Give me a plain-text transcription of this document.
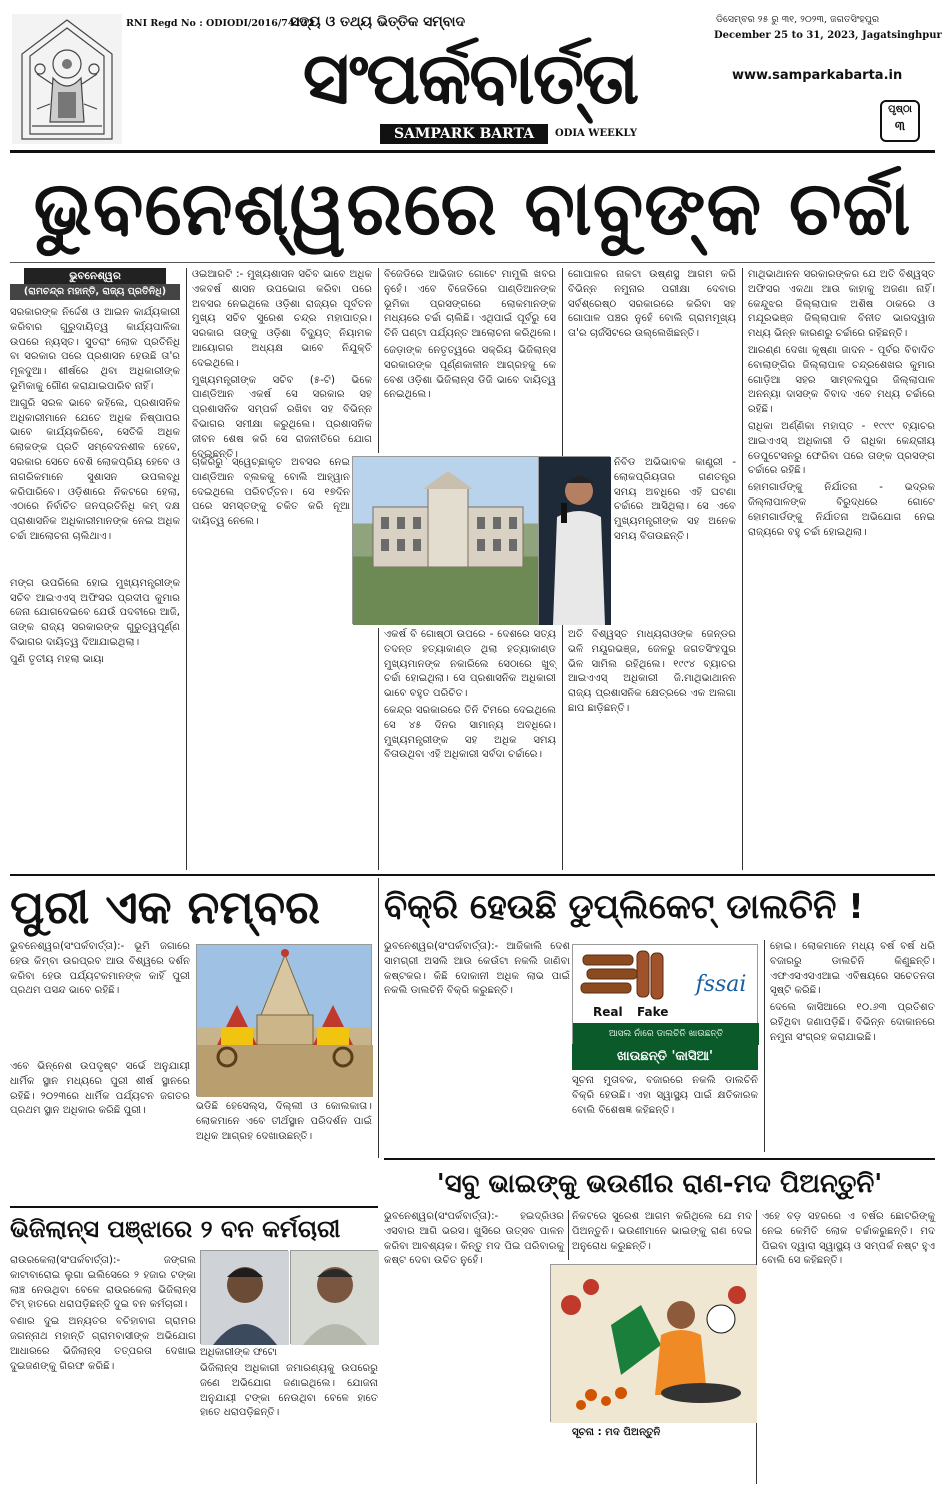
RNI Regd No : ODIODI/2016/74122
ସତ୍ୟ ଓ ତଥ୍ୟ ଭିତ୍ତିକ ସମ୍ବାଦ
ସଂପର୍କବାର୍ତ୍ତା
SAMPARK BARTA	ODIA WEEKLY
ଡିସେମ୍ବର ୨୫ ରୁ ୩୧, ୨୦୨୩, ଜଗତସିଂହପୁର
December 25 to 31, 2023, Jagatsinghpur
www.samparkabarta.in
ପୃଷ୍ଠା
୩
ଭୁବନେଶ୍ୱରରେ ବାବୁଙ୍କ ଚର୍ଚ୍ଚା
ଭୁବନେଶ୍ୱର
(ରାମଚନ୍ଦ୍ର ମହାନ୍ତି, ରାଜ୍ୟ ପ୍ରତିନିଧି)

ସରକାରଙ୍କ ନିର୍ଦ୍ଦେଶ ଓ ଆଇନ କାର୍ଯ୍ୟକାରୀ କରିବାର ଗୁରୁଦାୟିତ୍ୱ କାର୍ଯ୍ୟପାଳିକା ଉପରେ ନ୍ୟସ୍ତ। ସୁତରାଂ ଲୋକ ପ୍ରତିନିଧି ବା ସରକାର ପରେ ପ୍ରଶାସନ ହେଉଛି ତା'ର ମୂଳଦୁଆ। ଶୀର୍ଷରେ ଥିବା ଅଧିକାରୀଙ୍କ ଭୂମିକାକୁ ଗୌଣ କରାଯାଇପାରିବ ନାହିଁ।

ଆଗୁରି ସରଳ ଭାବେ କହିଲେ, ପ୍ରଶାସନିକ ଅଧିକାରୀମାନେ ଯେତେ ଅଧିକ ନିଷ୍ପାପର ଭାବେ କାର୍ଯ୍ୟକରିବେ, ସେତିକି ଅଧିକ ଲୋକଙ୍କ ପ୍ରତି ସମ୍ବେଦନଶୀଳ ହେବେ, ସରକାର ସେତେ ବେଶି ଲୋକପ୍ରିୟ ହେବେ ଓ ନାଗରିକମାନେ ସୁଶାସନ ଉପଲବ୍ଧି କରିପାରିବେ। ଓଡ଼ିଶାରେ ନିକଟରେ ହେଲା, ଏଠାରେ ନିର୍ବାଚିତ ଜନପ୍ରତିନିଧି କମ୍ ଦକ୍ଷ ପ୍ରାଶାସନିକ ଅଧିକାରୀମାନଙ୍କ ନେଇ ଅଧିକ ଚର୍ଚ୍ଚା ଆଲୋଚନା ଚାଲିଥାଏ।

ମଙ୍ଗ ଉପରିଲେ ହୋଇ ମୁଖ୍ୟମନ୍ତ୍ରୀଙ୍କ ସଚିବ ଆଇଏଏସ୍ ଅଫିସର ପ୍ରଦୀପ କୁମାର ଜେନା ଯୋଗଦେଇବେ ଯେଉଁ ପଦବୀରେ ଆଜି, ତାଙ୍କ ରାଜ୍ୟ ସରକାରଙ୍କ ଗୁରୁତ୍ୱପୂର୍ଣ୍ଣ ବିଭାଗର ଦାୟିତ୍ୱ ଦିଆଯାଇଥିଲା।

ପୁଣି ତୃତୀୟ ମହଲା ଭାୟା

ଓଇଆରଟି :- ମୁଖ୍ୟଶାସନ ସଚିବ ଭାବେ ଅଧିକ ଏକବର୍ଷ ଶାସନ ଉପଭୋଗ କରିବା ପରେ ଅବସର ନେଇଥିଲେ ଓଡ଼ିଶା ରାଜ୍ୟର ପୂର୍ବତନ ମୁଖ୍ୟ ସଚିବ ସୁରେଶ ଚନ୍ଦ୍ର ମହାପାତ୍ର। ସରକାର ତାଙ୍କୁ ଓଡ଼ିଶା ବିଦ୍ୟୁତ୍ ନିୟାମକ ଆୟୋଗର ଅଧ୍ୟକ୍ଷ ଭାବେ ନିଯୁକ୍ତି ଦେଇଥିଲେ।

ମୁଖ୍ୟମନ୍ତ୍ରୀଙ୍କ ସଚିବ (୫-ଟି) ଭିକେ ପାଣ୍ଡିଆନ ଏକର୍ଷ ସେ ସରକାର ସହ ପ୍ରଶାସନିକ ସମ୍ପର୍କ ରଖିବା ସହ ବିଭିନ୍ନ ବିଭାଗର ସମୀକ୍ଷା କରୁଥିଲେ। ପ୍ରଶାସନିକ ଜୀବନ ଶେଷ କରି ସେ ରାଜନୀତିରେ ଯୋଗ ଦେଇଛନ୍ତି।

ବିଜେଡିରେ ଆଭିଜାତ ଗୋଟେ ମାମୁଲି ଖବର ନୁହେଁ। ଏବେ ବିଜେଡିରେ ପାଣ୍ଡିଆନଙ୍କ ଭୂମିକା ପ୍ରସଙ୍ଗରେ ଲୋକମାନଙ୍କ ମଧ୍ୟରେ ଚର୍ଚ୍ଚା ଚାଲିଛି। ଏଥିପାଇଁ ପୂର୍ବରୁ ସେ ତିନି ଘଣ୍ଟା ପର୍ଯ୍ୟନ୍ତ ଆଲୋଚନା କରିଥିଲେ।

ଜେଡ଼ାଙ୍କ ନେତୃତ୍ୱରେ ସକ୍ରିୟ ଭିଜିଲାନ୍ସ ସରକାରଙ୍କ ପୂର୍ଣ୍ଣକାଳୀନ ଆଗ୍ରହକୁ କେ ବେଶ ଓଡ଼ିଶା ଭିଜିଲାନ୍ସ ଡିଜି ଭାବେ ଦାୟିତ୍ୱ ନେଇଥିଲେ।

ଚାକିରିରୁ ସ୍ୱେଚ୍ଛାକୃତ ଅବସର ନେଇ ପାଣ୍ଡିଆନ ବ୍ଲକକୁ ବୋଲି ଆହ୍ୱାନ ଦେଇଥିଲେ ପରିବର୍ତ୍ତନ। ସେ ୧୭ଦିନ ପରେ ସମସ୍ତଙ୍କୁ ଚକିତ କରି ନୂଆ ଦାୟିତ୍ୱ ନେଲେ।

ଏକର୍ଷ ବି ଗୋଷ୍ଠୀ ଉପରେ - ଦେଶରେ ସତ୍ୟ ତଦନ୍ତ ହତ୍ୟାକାଣ୍ଡ ଥିଲା ହତ୍ୟାକାଣ୍ଡ ମୁଖ୍ୟମାନଙ୍କ ନକାରିଲେ ସେଠାରେ ଖୁବ୍ ଚର୍ଚ୍ଚା ହୋଇଥିଲା। ସେ ପ୍ରଶାସନିକ ଅଧିକାରୀ ଭାବେ ବହୁତ ପରିଚିତ।

କେନ୍ଦ୍ର ସରକାରରେ ତିନି ଟିମରେ ଦେଇଥିଲେ ସେ ୪୫ ଦିନର ସାମାନ୍ୟ ଅବଧିରେ। ମୁଖ୍ୟମନ୍ତ୍ରୀଙ୍କ ସହ ଅଧିକ ସମୟ ବିତାଉଥିବା ଏହି ଅଧିକାରୀ ସର୍ବଦା ଚର୍ଚ୍ଚାରେ।

ଗୋପାଳର ନାକଟା ଉଷ୍ଣସ୍ଥ ଆଗମ କରି ବିଭିନ୍ନ ନମୁନାର ପରୀକ୍ଷା ଦେବାର ସର୍ବଶ୍ରେଷ୍ଠ ସରକାରରେ କରିବା ସହ ଗୋପାଳ ପଞ୍ଚର ନୁହେଁ ବୋଲି ଗ୍ରାମମୂଖ୍ୟ ତା'ର ଚାର୍ଜସିଟରେ ଉଲ୍ଲେଖିଛନ୍ତି।

ନିବିଡ ଅଭିଭାବକ କାଣ୍ଡ୍ରୀ - ଲୋକପ୍ରିୟତାର ଗଣତନ୍ତ୍ର ସମୟ ଅବଧିରେ ଏହି ଘଟଣା ଚର୍ଚ୍ଚାରେ ଆସିଥିଲା। ସେ ଏବେ ମୁଖ୍ୟମନ୍ତ୍ରୀଙ୍କ ସହ ଅନେକ ସମୟ ବିତାଉଛନ୍ତି।

ଅତି ବିଶ୍ୱସ୍ତ ମାଧ୍ୟରାଓଙ୍କ ଜେନ୍ଡର ଭଳି ମୟୂରଭଞ୍ଜ, ଜେଳରୁ ଜଗତସିଂହପୁର ଭିଳ ସାମିଲ ରହିଥିଲେ। ୧୯୯୪ ବ୍ୟାଚର ଆଇଏଏସ୍ ଅଧିକାରୀ ଜି.ମାଥିଭାଥାନନ ରାଜ୍ୟ ପ୍ରଶାସନିକ କ୍ଷେତ୍ରରେ ଏକ ଅଲଗା ଛାପ ଛାଡ଼ିଛନ୍ତି।

ମାଥିଭାଥାନନ ସରକାରଙ୍କର ଯେ ଅତି ବିଶ୍ୱସ୍ତ ଅଫିସର ଏକଥା ଆଉ କାହାକୁ ଅଜଣା ନାହିଁ। କେନ୍ଦୁଝର ଜିଲ୍ଲାପାଳ ଅଶିଷ ଠାକରେ ଓ ମଯୂରଭଞ୍ଜ ଜିଲ୍ଲାପାଳ ବିନୀତ ଭାରଦ୍ୱାଜ ମଧ୍ୟ ଭିନ୍ନ କାରଣରୁ ଚର୍ଚ୍ଚାରେ ରହିଛନ୍ତି।

ଆରଣ୍ଣ ଦେଖା କୃଷ୍ଣା ଜାଦନ - ପୂର୍ବର ବିବାଦିତ ବୋଲାଙ୍ଗିର ଜିଲ୍ଲାପାଳ ଚନ୍ଦ୍ରଶେଖର କୁମାର ଗୋଡ଼ିଆ ସହର ସାମ୍ବଲପୁର ଜିଲ୍ଲାପାଳ ଅନନ୍ୟା ଦାସଙ୍କ ବିବାଦ ଏବେ ମଧ୍ୟ ଚର୍ଚ୍ଚାରେ ରହିଛି।

ରାଧିକା ଅର୍ଣ୍ଣିକା ମହାପ୍ତ - ୧୯୯୯ ବ୍ୟାଚର ଆଇଏଏସ୍ ଅଧିକାରୀ ଡି ରାଧିକା କେନ୍ଦ୍ରୀୟ ଡେପୁଟେସନରୁ ଫେରିବା ପରେ ତାଙ୍କ ପ୍ରସଙ୍ଗ ଚର୍ଚ୍ଚାରେ ରହିଛି।

ହୋମଗାର୍ଡଙ୍କୁ ନିର୍ଯାତନା - ଭଦ୍ରକ ଜିଲ୍ଲାପାଳଙ୍କ ବିରୁଦ୍ଧରେ ଗୋଟେ ହୋମଗାର୍ଡଙ୍କୁ ନିର୍ଯାତନା ଅଭିଯୋଗ ନେଇ ରାଜ୍ୟରେ ବହୁ ଚର୍ଚ୍ଚା ହୋଇଥିଲା।

ପୁରୀ ଏକ ନମ୍ବର

ଭୁବନେଶ୍ୱର(ସଂପର୍କବାର୍ତ୍ତା):- ଭୂମି ଜଗାରେ ହେଉ କିମ୍ବା ଉରପ୍ରବ ଆଉ ବିଶ୍ୱରେ ଦର୍ଶନ କରିବା ହେଉ ପର୍ଯ୍ୟଟକମାନଙ୍କ କାହିଁ ପୁରୀ ପ୍ରଥମ ପସନ୍ଦ ଭାବେ ରହିଛି।

ଏବେ ଭିନ୍ନେଶ ଉପଦୃଷ୍ଟ ସର୍ଭେ ଅନୁଯାୟୀ ଧାର୍ମିକ ସ୍ଥାନ ମଧ୍ୟରେ ପୁରୀ ଶୀର୍ଷ ସ୍ଥାନରେ ରହିଛି। ୨୦୨୩ରେ ଧାର୍ମିକ ପର୍ଯ୍ୟଟନ ଜଗତର ପ୍ରଥମ ସ୍ଥାନ ଅଧିକାର କରିଛି ପୁରୀ।	ଭଡିଛି ହେସେଲ୍‌ସ, ଦିଲ୍ଲୀ ଓ କୋଲକାତା। ଲୋକମାନେ ଏବେ ତୀର୍ଥସ୍ଥାନ ପରିଦର୍ଶନ ପାଇଁ ଅଧିକ ଆଗ୍ରହ ଦେଖାଉଛନ୍ତି।

ବିକ୍ରି ହେଉଛି ଡୁପ୍ଲିକେଟ୍ ଡାଲଚିନି !

ଭୁବନେଶ୍ୱର(ସଂପର୍କବାର୍ତ୍ତା):- ଆଜିକାଲି ଦେଶ ସାମଗ୍ରୀ ଅସଲି ଆଉ କେଉଁଟା ନକଲି ଜାଣିବା କଷ୍ଟକର। କିଛି ଦୋକାନୀ ଅଧିକ ଲାଭ ପାଇଁ ନକଲି ଡାଲଚିନି ବିକ୍ରି କରୁଛନ୍ତି।	fssai
Real Fake
ଆସଲ ନାଁରେ ଡାଲଚିନି ଖାଉଛନ୍ତି
ଖାଉଛନ୍ତି 'କାସିଆ'

ସୂଚନା ମୁତାବକ, ବଜାରରେ ନକଲି ଡାଲଚିନି ବିକ୍ରି ହେଉଛି। ଏହା ସ୍ୱାସ୍ଥ୍ୟ ପାଇଁ କ୍ଷତିକାରକ ବୋଲି ବିଶେଷଜ୍ଞ କହିଛନ୍ତି।

ହୋଇ। ଲୋକମାନେ ମଧ୍ୟ ବର୍ଷ ବର୍ଷ ଧରି ବଜାରରୁ ଡାଲଚିନି କିଣୁଛନ୍ତି। ଏଫଏସଏସଏଆଇ ଏବିଷୟରେ ସଚେତନତା ସୃଷ୍ଟି କରିଛି।

ଦେଲେ କାସିଆରେ ୧୦.୬୩ ପ୍ରତିଶତ ରହିଥିବା ଜଣାପଡ଼ିଛି। ବିଭିନ୍ନ ଦୋକାନରେ ନମୁନା ସଂଗ୍ରହ କରାଯାଇଛି।

ଭିଜିଲାନ୍ସ ପଞ୍ଝାରେ ୨ ବନ କର୍ମଚାରୀ

ରାଉରକେଲା(ସଂପର୍କବାର୍ତ୍ତା):- ଜଙ୍ଗଲ କାଟାବାରୋଇ ଲୁଗା ଇଲିସେରେ ୨ ହଜାର ଟଙ୍କା ଲାଞ୍ଚ ନେଉଥିବା ବେଳେ ରାଉରକେଲା ଭିଜିଲାନ୍ସ ଟିମ୍ ହାତରେ ଧରାପଡ଼ିଛନ୍ତି ଦୁଇ ବନ କର୍ମଚାରୀ।

ବଣାର ଦୁଇ ଅନ୍ୟତର ବଚିହାବାଗ ଗ୍ରାମର ଜଗନ୍ନାଥ ମହାନ୍ତି ଗ୍ରାମବାସୀଙ୍କ ଅଭିଯୋଗ ଆଧାରରେ ଭିଜିଲାନ୍ସ ତତ୍ପରତା ଦେଖାଇ ଦୁଇଜଣଙ୍କୁ ଗିରଫ କରିଛି।

ଅଧିକାରୀଙ୍କ ଫଟୋ

ଭିଜିଲାନ୍ସ ଅଧିକାରୀ ଜମାରଣ୍ୟକୁ ଉପରେରୁ ଜଣେ ଅଭିଯୋଗ ଜଣାଇଥିଲେ। ଯୋଜନା ଅନୁଯାୟୀ ଟଙ୍କା ନେଉଥିବା ବେଳେ ହାତେ ହାତେ ଧରାପଡ଼ିଛନ୍ତି।

'ସବୁ ଭାଇଙ୍କୁ ଭଉଣୀର ରାଣ-ମଦ ପିଅନ୍ତୁନି'

ଭୁବନେଶ୍ୱର(ସଂପର୍କବାର୍ତ୍ତା):- ହଇଦ୍ରିଓର ଏସବାର ଆଗି ଭରସ। ଖୁସିରେ ଉତ୍ସବ ପାଳନ କରିବା ଆବଶ୍ୟକ। କିନ୍ତୁ ମଦ ପିଇ ପରିବାରକୁ କଷ୍ଟ ଦେବା ଉଚିତ ନୁହେଁ।

ନିକଟରେ ସୁରେଶ ଆଗମ କରିଥିଲେ ଯେ ମଦ ପିଅନ୍ତୁନି। ଭଉଣୀମାନେ ଭାଇଙ୍କୁ ରାଣ ଦେଇ ଅନୁରୋଧ କରୁଛନ୍ତି।

ସୂଚନା : ମଦ ପିଅନ୍ତୁନି

ଏହେ ବଡ଼ ସହରରେ ଏ ବର୍ଷର ଛୋଟରିଙ୍କୁ ନେଇ କେମିତି ଲୋକ ଚର୍ଚ୍ଚାକରୁଛନ୍ତି। ମଦ ପିଇବା ଦ୍ୱାରା ସ୍ୱାସ୍ଥ୍ୟ ଓ ସମ୍ପର୍କ ନଷ୍ଟ ହୁଏ ବୋଲି ସେ କହିଛନ୍ତି।
